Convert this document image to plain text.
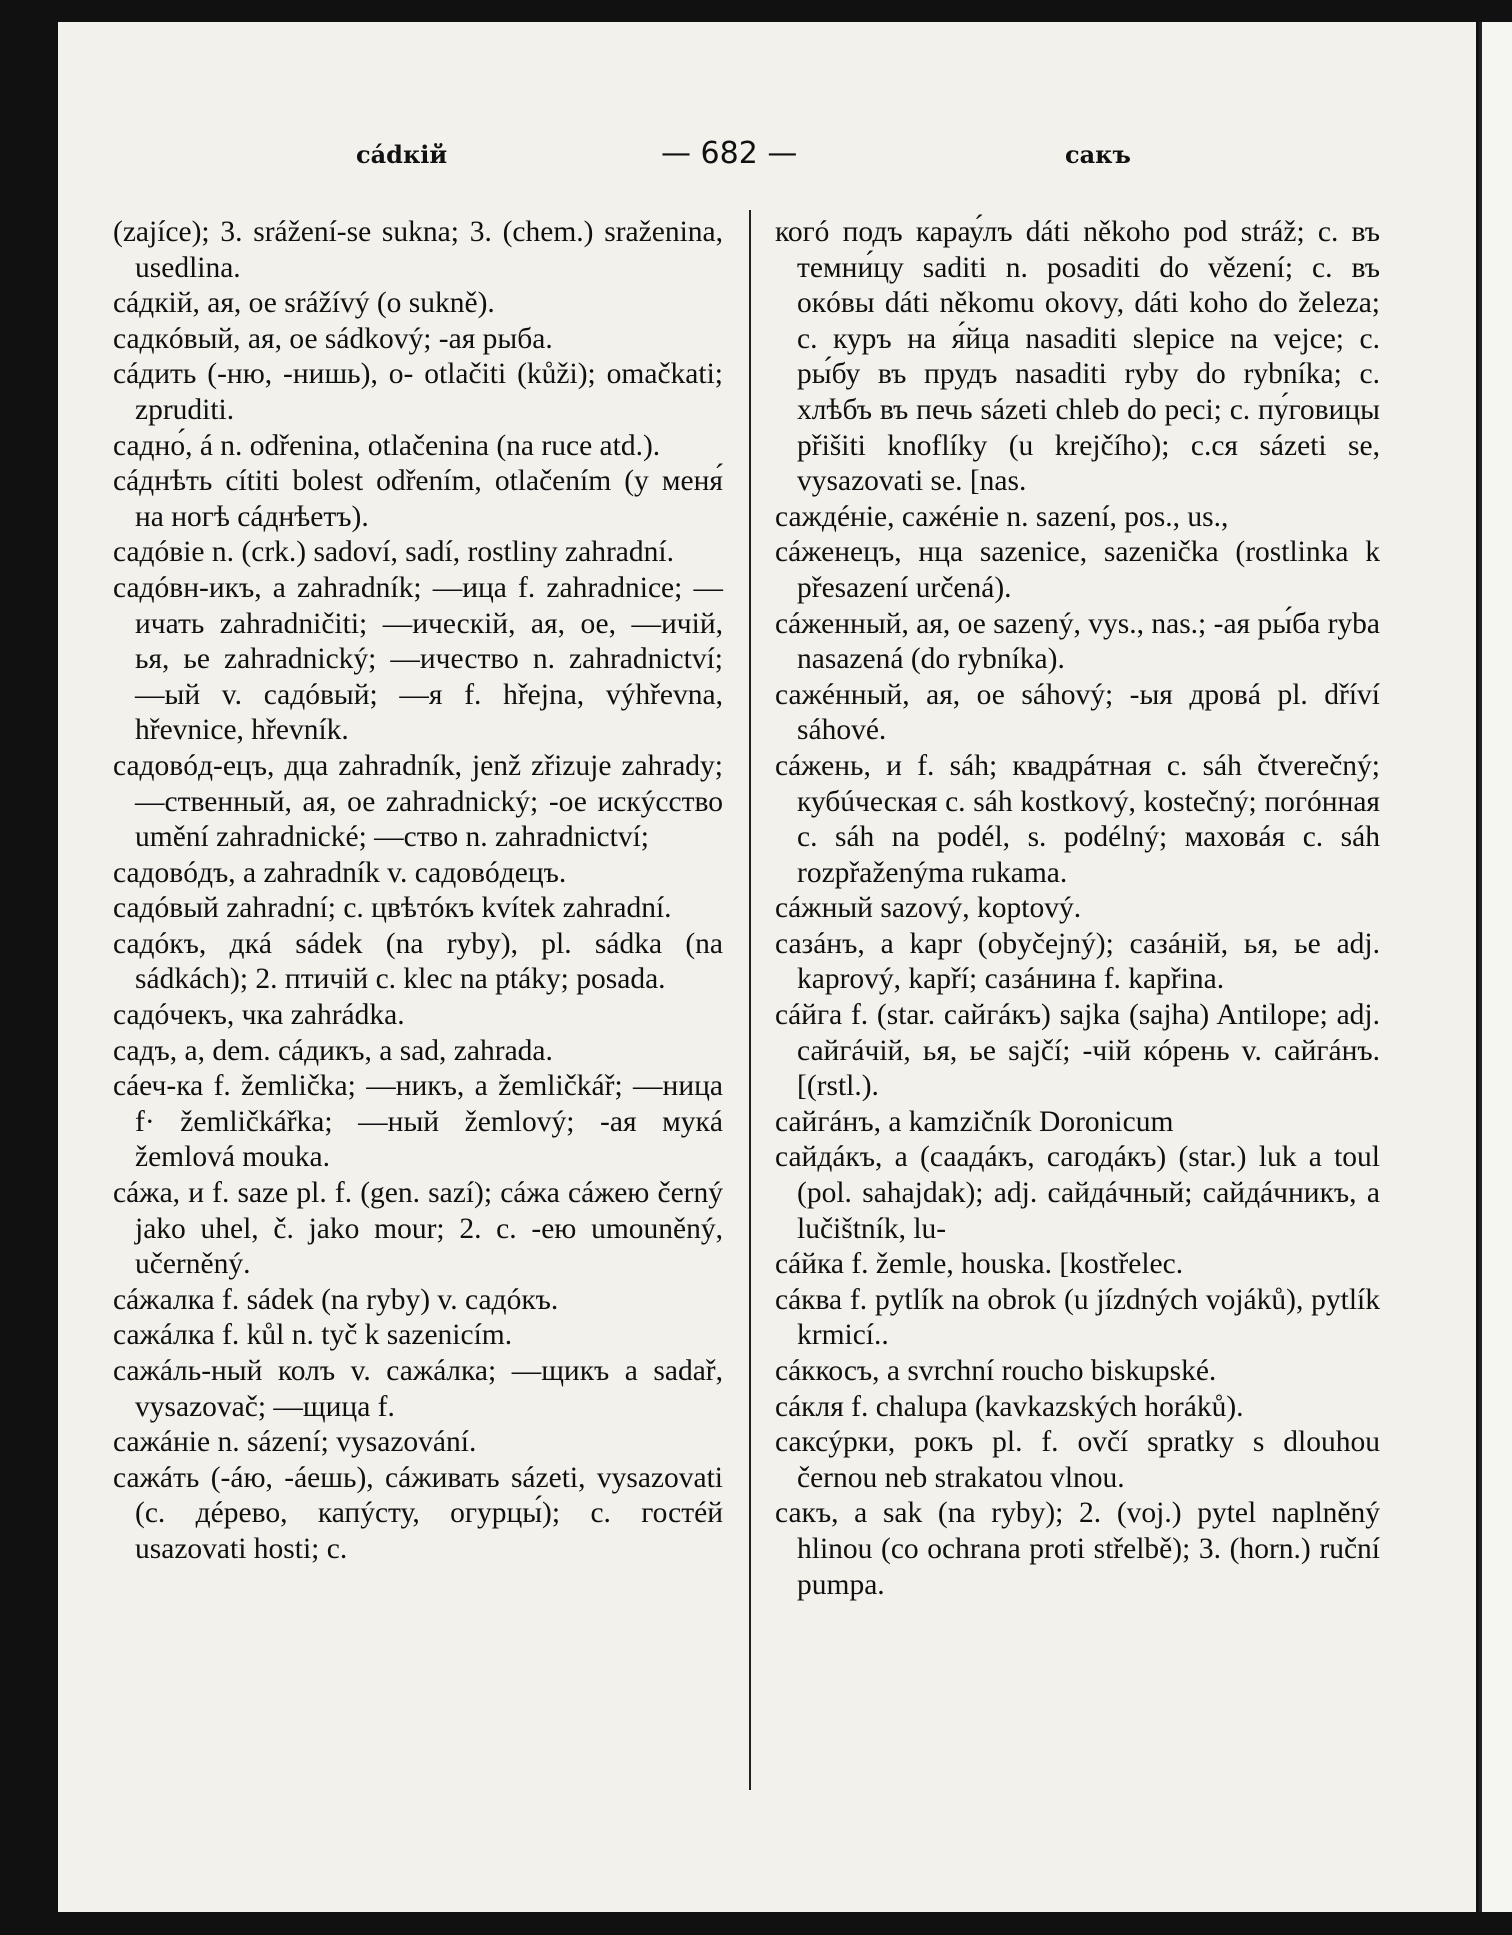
cádкій	— 682 —	сакъ

(zajíce); 3. srážení-se sukna; 3. (chem.) sraženina, usedlina.

cáдкій, ая, ое srážívý (o sukně).

садкóвый, ая, ое sádkový; -ая рыба.

cáдить (-ню, -нишь), o- otlačiti (kůži); omačkati; zpruditi.

садно́, á n. odřenina, otlačenina (na ruce atd.).

cáднѣть cítiti bolest odřením, otlačením (у меня́ на ногѣ cáднѣетъ).

садóвіе n. (crk.) sadoví, sadí, rostliny zahradní.

садóвн-икъ, a zahradník; —ица f. zahradnice; —ичать zahradničiti; —ическій, ая, ое, —ичій, ья, ье zahradnický; —ичество n. zahradnictví; —ый v. садóвый; —я f. hřejna, výhřevna, hřevnice, hřevník.

садовóд-ецъ, дца zahradník, jenž zřizuje zahrady; —ственный, ая, ое zahradnický; -ое искýсство umění zahradnické; —ство n. zahradnictví;

садовóдъ, a zahradník v. садовóдецъ.

садóвый zahradní; c. цвѣтóкъ kvítek zahradní.

садóкъ, дкá sádek (na ryby), pl. sádka (na sádkách); 2. птичій c. klec na ptáky; posada.

садóчекъ, чка zahrádka.

садъ, a, dem. cáдикъ, a sad, zahrada.

cáеч-ка f. žemlička; —никъ, a žemličkář; —ница f· žemličkářka; —ный žemlový; -ая мукá žemlová mouka.

cáжа, и f. saze pl. f. (gen. sazí); cáжа cáжею černý jako uhel, č. jako mour; 2. c. -ею umouněný, učerněný.

cáжалка f. sádek (na ryby) v. садóкъ.

сажáлка f. kůl n. tyč k sazenicím.

сажáль-ный колъ v. сажáлка; —щикъ a sadař, vysazovač; —щица f.

сажáніе n. sázení; vysazování.

сажáть (-áю, -áешь), cáживать sázeti, vysazovati (c. дéрево, капýсту, огурцы́); c. гостéй usazovati hosti; c.

когó подъ карау́лъ dáti někoho pod stráž; c. въ темни́цу saditi n. posaditi do vězení; c. въ окóвы dáti někomu okovy, dáti koho do železa; c. куръ на я́йца nasaditi slepice na vejce; c. ры́бу въ прудъ nasaditi ryby do rybníka; c. хлѣбъ въ печь sázeti chleb do peci; c. пу́говицы přišiti knoflíky (u krejčího); c.ся sázeti se, vysazovati se. [nas.

саждéніе, сажéніе n. sazení, pos., us.,

cáженецъ, нца sazenice, sazenička (rostlinka k přesazení určená).

cáженный, ая, ое sazený, vys., nas.; -ая ры́ба ryba nasazená (do rybníka).

сажéнный, ая, ое sáhový; -ыя дровá pl. dříví sáhové.

cáжень, и f. sáh; квадрáтная c. sáh čtverečný; кубúческая c. sáh kostkový, kostečný; погóнная c. sáh na podél, s. podélný; маховáя c. sáh rozpřaženýma rukama.

cáжный sazový, koptový.

сазáнъ, a kapr (obyčejný); сазáній, ья, ье adj. kaprový, kapří; сазáнина f. kapřina.

cáйга f. (star. сайгáкъ) sajka (sajha) Antilope; adj. сайгáчій, ья, ье sajčí; -чій кóрень v. сайгáнъ. [(rstl.).

сайгáнъ, a kamzičník Doronicum

сайдáкъ, a (саадáкъ, сагодáкъ) (star.) luk a toul (pol. sahajdak); adj. сайдáчный; сайдáчникъ, a lučištník, lu-

cáйка f. žemle, houska. [kostřelec.

cáква f. pytlík na obrok (u jízdných vojáků), pytlík krmicí..

cáккосъ, a svrchní roucho biskupské.

cáкля f. chalupa (kavkazských horáků).

саксýрки, рокъ pl. f. ovčí spratky s dlouhou černou neb strakatou vlnou.

сакъ, a sak (na ryby); 2. (voj.) pytel naplněný hlinou (co ochrana proti střelbě); 3. (horn.) ruční pumpa.
